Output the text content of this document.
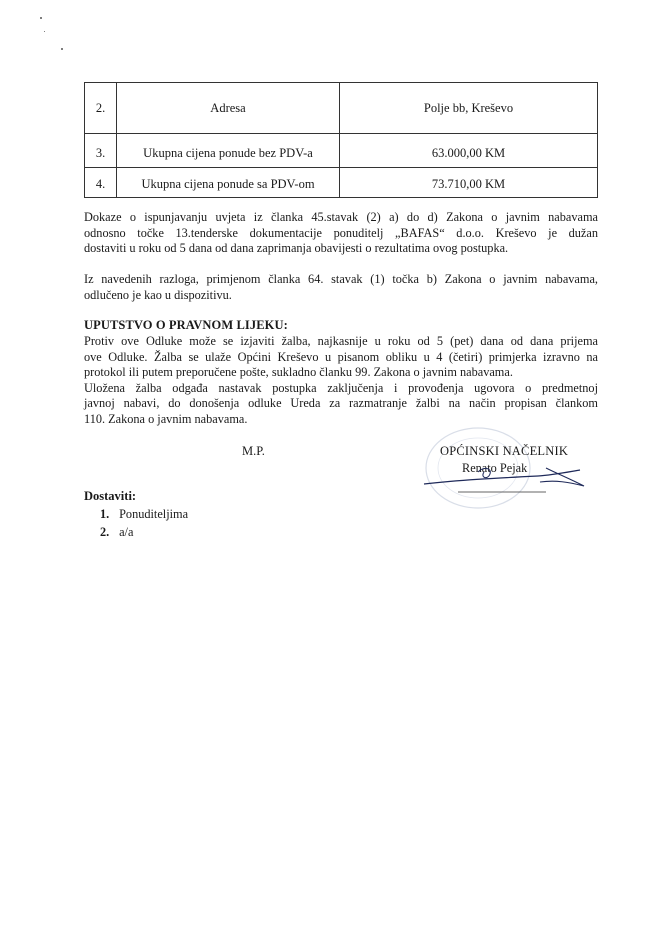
2.	Adresa	Polje bb, Kreševo
3.	Ukupna cijena ponude bez PDV-a	63.000,00 KM
4.	Ukupna cijena ponude sa PDV-om	73.710,00 KM

Dokaze o ispunjavanju uvjeta iz članka 45.stavak (2) a) do d) Zakona o javnim nabavama
odnosno točke 13.tenderske dokumentacije ponuditelj „BAFAS“ d.o.o. Kreševo je dužan
dostaviti u roku od 5 dana od dana zaprimanja obavijesti o rezultatima ovog postupka.

Iz navedenih razloga, primjenom članka 64. stavak (1) točka b) Zakona o javnim nabavama,
odlučeno je kao u dispozitivu.

UPUTSTVO O PRAVNOM LIJEKU:

Protiv ove Odluke može se izjaviti žalba, najkasnije u roku od 5 (pet) dana od dana prijema
ove Odluke. Žalba se ulaže Općini Kreševo u pisanom obliku u 4 (četiri) primjerka izravno na
protokol ili putem preporučene pošte, sukladno članku 99. Zakona o javnim nabavama.
Uložena žalba odgađa nastavak postupka zaključenja i provođenja ugovora o predmetnoj
javnoj nabavi, do donošenja odluke Ureda za razmatranje žalbi na način propisan člankom
110. Zakona o javnim nabavama.

M.P.	OPĆINSKI NAČELNIK
Renato Pejak
Dostaviti:
1. Ponuditeljima
2. a/a
